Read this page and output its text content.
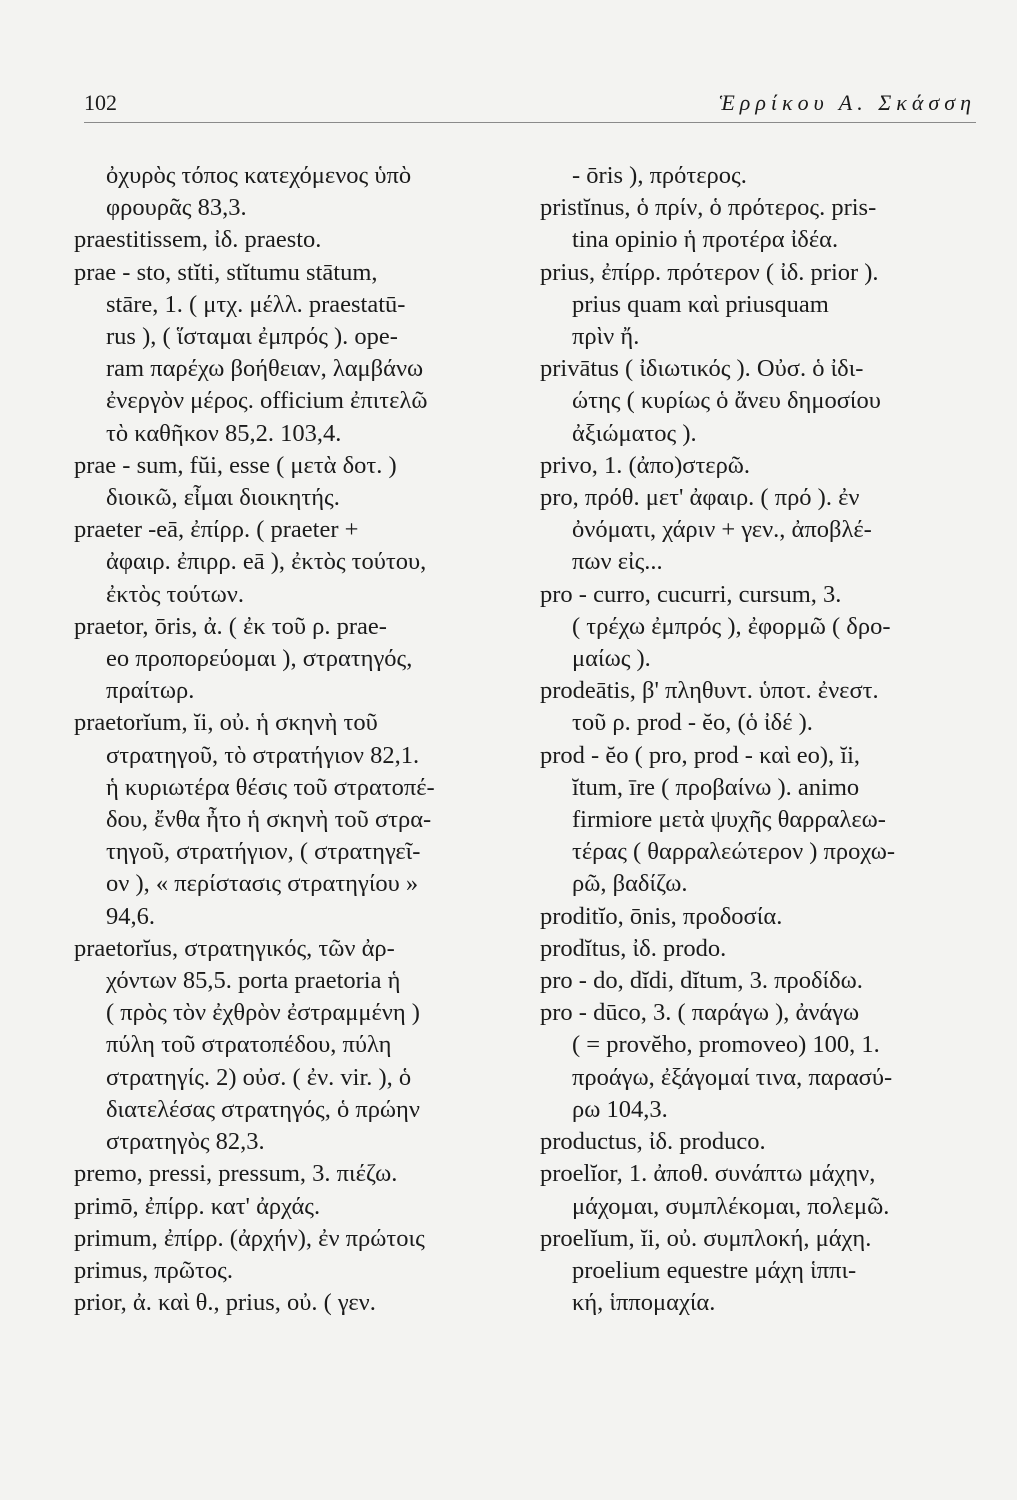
102	Ἑρρίκου Α. Σκάσση
ὀχυρὸς τόπος κατεχόμενος ὑπὸ
φρουρᾶς 83,3.
praestitissem, ἰδ. praesto.
prae - sto, stĭti, stĭtumu stātum,
stāre, 1. ( μτχ. μέλλ. praestatū-
rus ), ( ἵσταμαι ἐμπρός ). ope-
ram παρέχω βοήθειαν, λαμβάνω
ἐνεργὸν μέρος. officium ἐπιτελῶ
τὸ καθῆκον 85,2. 103,4.
prae - sum, fŭi, esse ( μετὰ δοτ. )
διοικῶ, εἶμαι διοικητής.
praeter -eā, ἐπίρρ. ( praeter +
ἀφαιρ. ἐπιρρ. eā ), ἐκτὸς τούτου,
ἐκτὸς τούτων.
praetor, ōris, ἀ. ( ἐκ τοῦ ρ. prae-
eo προπορεύομαι ), στρατηγός,
πραίτωρ.
praetorĭum, ĭi, οὐ. ἡ σκηνὴ τοῦ
στρατηγοῦ, τὸ στρατήγιον 82,1.
ἡ κυριωτέρα θέσις τοῦ στρατοπέ-
δου, ἔνθα ἦτο ἡ σκηνὴ τοῦ στρα-
τηγοῦ, στρατήγιον, ( στρατηγεῖ-
ον ), « περίστασις στρατηγίου »
94,6.
praetorĭus, στρατηγικός, τῶν ἀρ-
χόντων 85,5. porta praetoria ἡ
( πρὸς τὸν ἐχθρὸν ἐστραμμένη )
πύλη τοῦ στρατοπέδου, πύλη
στρατηγίς. 2) οὐσ. ( ἐν. vir. ), ὁ
διατελέσας στρατηγός, ὁ πρώην
στρατηγὸς 82,3.
premo, pressi, pressum, 3. πιέζω.
primō, ἐπίρρ. κατ' ἀρχάς.
primum, ἐπίρρ. (ἀρχήν), ἐν πρώτοις
primus, πρῶτος.
prior, ἀ. καὶ θ., prius, οὐ. ( γεν.
- ōris ), πρότερος.
pristĭnus, ὁ πρίν, ὁ πρότερος. pris-
tina opinio ἡ προτέρα ἰδέα.
prius, ἐπίρρ. πρότερον ( ἰδ. prior ).
prius quam καὶ priusquam
πρὶν ἤ.
privātus ( ἰδιωτικός ). Οὐσ. ὁ ἰδι-
ώτης ( κυρίως ὁ ἄνευ δημοσίου
ἀξιώματος ).
privo, 1. (ἀπο)στερῶ.
pro, πρόθ. μετ' ἀφαιρ. ( πρό ). ἐν
ὀνόματι, χάριν + γεν., ἀποβλέ-
πων εἰς...
pro - curro, cucurri, cursum, 3.
( τρέχω ἐμπρός ), ἐφορμῶ ( δρο-
μαίως ).
prodeātis, β' πληθυντ. ὑποτ. ἐνεστ.
τοῦ ρ. prod - ĕo, (ὁ ἰδέ ).
prod - ĕo ( pro, prod - καὶ eo), ĭi,
ĭtum, īre ( προβαίνω ). animo
firmiore μετὰ ψυχῆς θαρραλεω-
τέρας ( θαρραλεώτερον ) προχω-
ρῶ, βαδίζω.
proditĭo, ōnis, προδοσία.
prodĭtus, ἰδ. prodo.
pro - do, dĭdi, dĭtum, 3. προδίδω.
pro - dūco, 3. ( παράγω ), ἀνάγω
( = provĕho, promoveo) 100, 1.
προάγω, ἐξάγομαί τινα, παρασύ-
ρω 104,3.
productus, ἰδ. produco.
proelĭor, 1. ἀποθ. συνάπτω μάχην,
μάχομαι, συμπλέκομαι, πολεμῶ.
proelĭum, ĭi, οὐ. συμπλοκή, μάχη.
proelium equestre μάχη ἱππι-
κή, ἱππομαχία.
